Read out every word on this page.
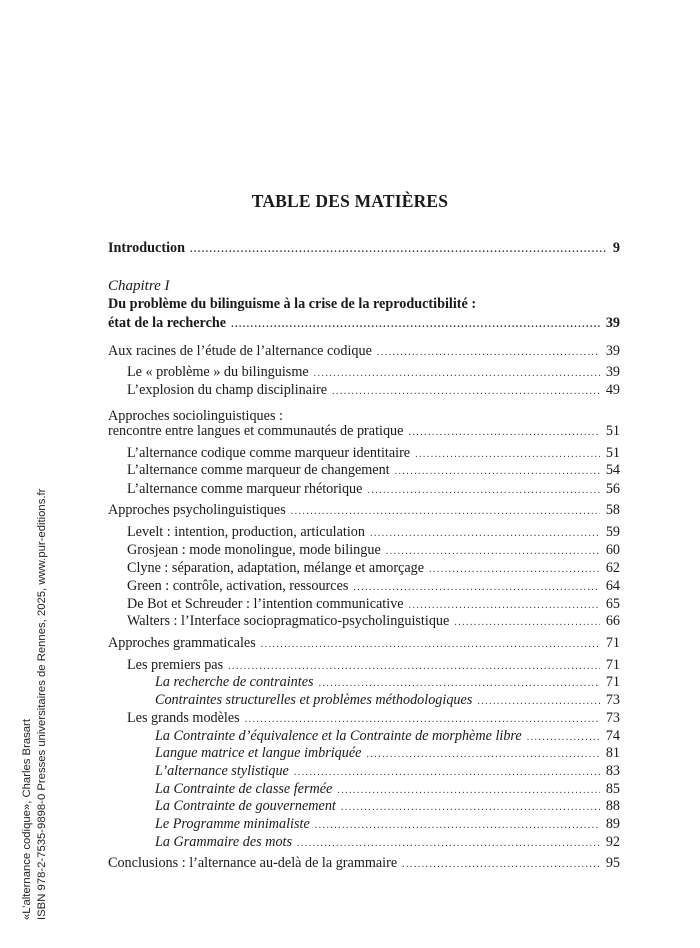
TABLE DES MATIÈRES
Introduction .....	9
Chapitre I
Du problème du bilinguisme à la crise de la reproductibilité :
état de la recherche .....	39
Aux racines de l’étude de l’alternance codique .....	39
Le « problème » du bilinguisme .....	39
L’explosion du champ disciplinaire .....	49
Approches sociolinguistiques :
rencontre entre langues et communautés de pratique .....	51
L’alternance codique comme marqueur identitaire .....	51
L’alternance comme marqueur de changement .....	54
L’alternance comme marqueur rhétorique .....	56
Approches psycholinguistiques .....	58
Levelt : intention, production, articulation .....	59
Grosjean : mode monolingue, mode bilingue .....	60
Clyne : séparation, adaptation, mélange et amorçage .....	62
Green : contrôle, activation, ressources .....	64
De Bot et Schreuder : l’intention communicative .....	65
Walters : l’Interface sociopragmatico-psycholinguistique .....	66
Approches grammaticales .....	71
Les premiers pas .....	71
La recherche de contraintes .....	71
Contraintes structurelles et problèmes méthodologiques .....	73
Les grands modèles .....	73
La Contrainte d’équivalence et la Contrainte de morphème libre .....	74
Langue matrice et langue imbriquée .....	81
L’alternance stylistique .....	83
La Contrainte de classe fermée .....	85
La Contrainte de gouvernement .....	88
Le Programme minimaliste .....	89
La Grammaire des mots .....	92
Conclusions : l’alternance au-delà de la grammaire .....	95
«L’alternance codique», Charles Brasart ISBN 978-2-7535-9898-0 Presses universitaires de Rennes, 2025, www.pur-editions.fr
